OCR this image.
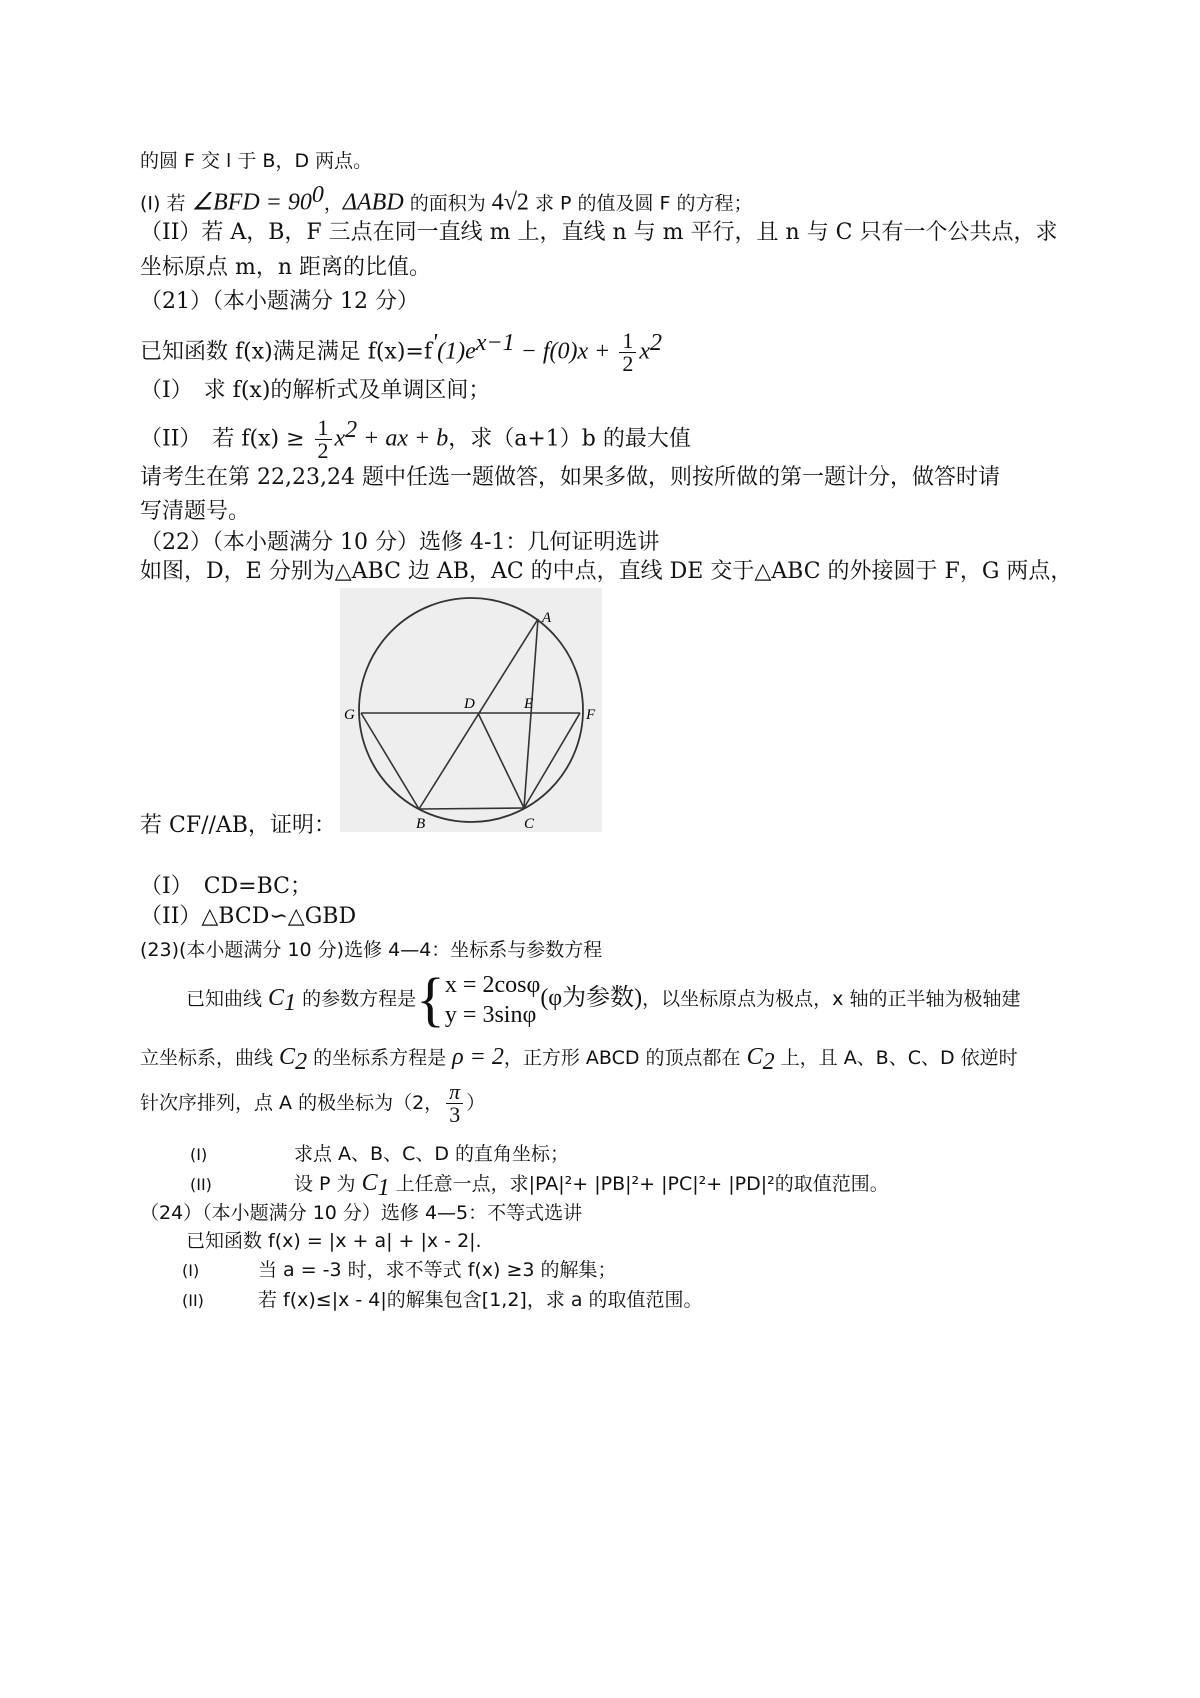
的圆 F 交 l 于 B，D 两点。
(I) 若 ∠BFD = $90^0$，ΔABD 的面积为 4√2 求 P 的值及圆 F 的方程；
（II）若 A，B，F 三点在同一直线 m 上，直线 n 与 m 平行，且 n 与 C 只有一个公共点，求
坐标原点 m，n 距离的比值。
（21）（本小题满分 12 分）
已知函数 f(x)满足满足 $f(x)=f'(1)e^{x-1} - f(0)x + \frac{1}{2} x^2$
（I）　求 f(x)的解析式及单调区间；
（II）　若 $f(x) \ge \frac{1}{2} x^2$ + ax + b，求（a+1）b 的最大值
请考生在第 22,23,24 题中任选一题做答，如果多做，则按所做的第一题计分，做答时请
写清题号。
（22）（本小题满分 10 分）选修 4-1：几何证明选讲
如图，D，E 分别为△ABC 边 AB，AC 的中点，直线 DE 交于△ABC 的外接圆于 F，G 两点，
A
D	E
G	F
B	C
若 CF//AB，证明：
（I）　CD=BC；
（II）△BCD∽△GBD
(23)(本小题满分 10 分)选修 4—4：坐标系与参数方程
已知曲线 $C_1$ 的参数方程是{ x = 2cosφ
y = 3sinφ
(φ为参数)，以坐标原点为极点，x 轴的正半轴为极轴建
立坐标系，曲线 $C_2$ 的坐标系方程是 ρ = 2，正方形 ABCD 的顶点都在 $C_2$ 上，且 A、B、C、D 依逆时
针次序排列，点 A 的极坐标为（2， $\frac{\pi}{3}$ ）
(I)	求点 A、B、C、D 的直角坐标；
(II)	设 P 为 $C_1$ 上任意一点，求|PA|²+ |PB|²+ |PC|²+ |PD|²的取值范围。
（24）（本小题满分 10 分）选修 4—5：不等式选讲
已知函数 f(x) = |x + a| + |x - 2|.
(I)	当 a = -3 时，求不等式 f(x) ≥3 的解集；
(II)	若 f(x)≤|x - 4|的解集包含[1,2]，求 a 的取值范围。
